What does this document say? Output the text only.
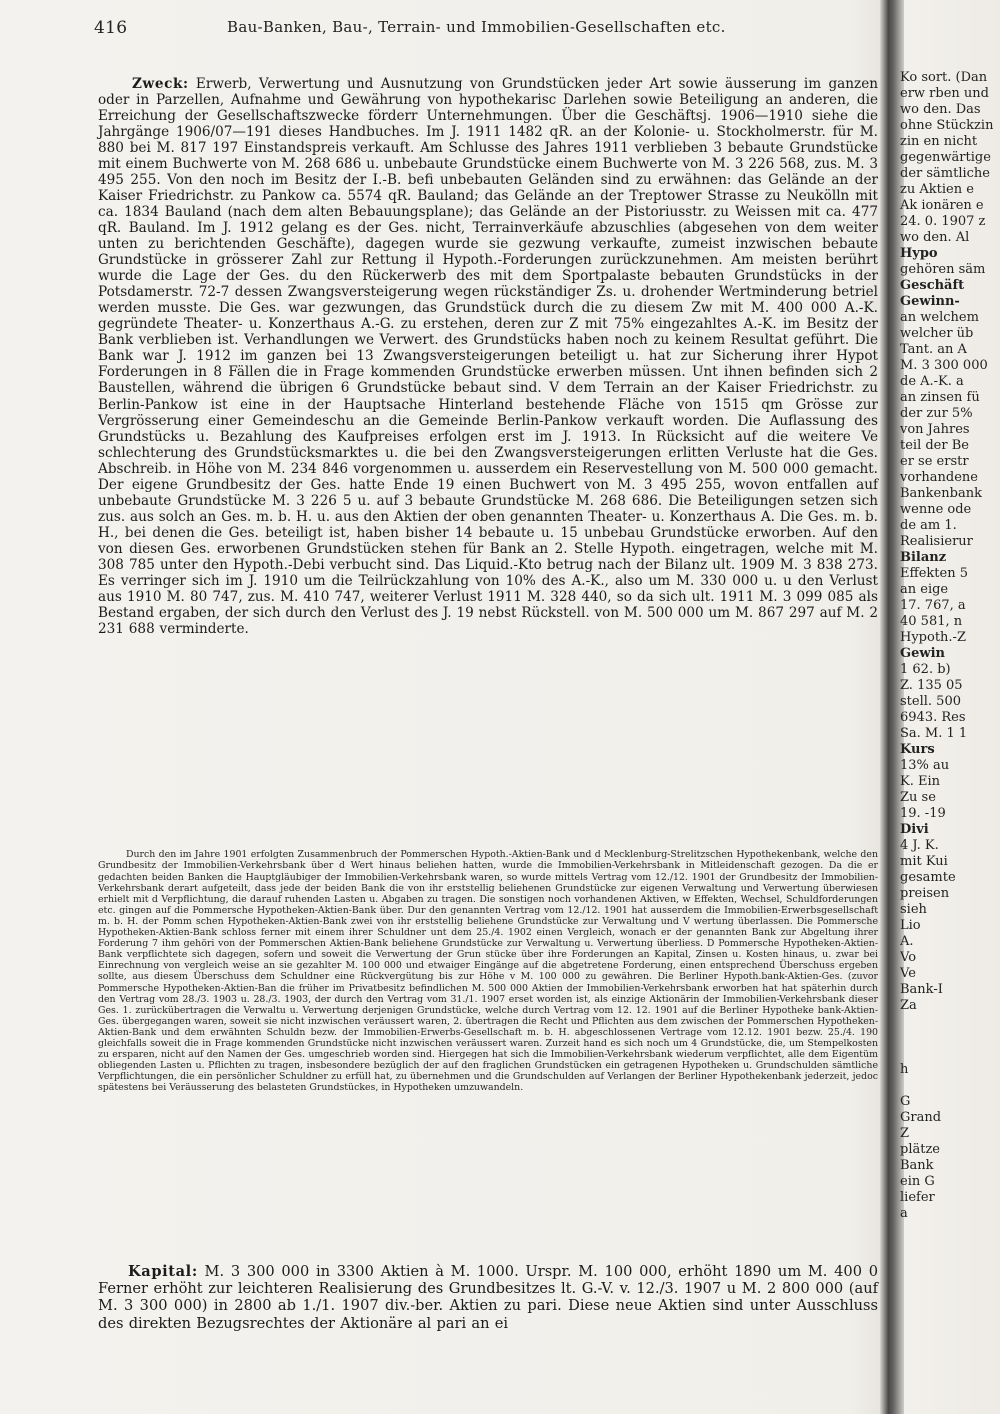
416	Bau-Banken, Bau-, Terrain- und Immobilien-Gesellschaften etc.

Zweck: Erwerb, Verwertung und Ausnutzung von Grundstücken jeder Art sowie äusserung im ganzen oder in Parzellen, Aufnahme und Gewährung von hypothekarisc Darlehen sowie Beteiligung an anderen, die Erreichung der Gesellschaftszwecke förderr Unternehmungen. Über die Geschäftsj. 1906—1910 siehe die Jahrgänge 1906/07—191 dieses Handbuches. Im J. 1911 1482 qR. an der Kolonie- u. Stockholmerstr. für M. 880 bei M. 817 197 Einstandspreis verkauft. Am Schlusse des Jahres 1911 verblieben 3 bebaute Grundstücke mit einem Buchwerte von M. 268 686 u. unbebaute Grundstücke einem Buchwerte von M. 3 226 568, zus. M. 3 495 255. Von den noch im Besitz der I.-B. befi unbebauten Geländen sind zu erwähnen: das Gelände an der Kaiser Friedrichstr. zu Pankow ca. 5574 qR. Bauland; das Gelände an der Treptower Strasse zu Neukölln mit ca. 1834 Bauland (nach dem alten Bebauungsplane); das Gelände an der Pistoriusstr. zu Weissen mit ca. 477 qR. Bauland. Im J. 1912 gelang es der Ges. nicht, Terrainverkäufe abzuschlies (abgesehen von dem weiter unten zu berichtenden Geschäfte), dagegen wurde sie gezwung verkaufte, zumeist inzwischen bebaute Grundstücke in grösserer Zahl zur Rettung il Hypoth.-Forderungen zurückzunehmen. Am meisten berührt wurde die Lage der Ges. du den Rückerwerb des mit dem Sportpalaste bebauten Grundstücks in der Potsdamerstr. 72-7 dessen Zwangsversteigerung wegen rückständiger Zs. u. drohender Wertminderung betriel werden musste. Die Ges. war gezwungen, das Grundstück durch die zu diesem Zw mit M. 400 000 A.-K. gegründete Theater- u. Konzerthaus A.-G. zu erstehen, deren zur Z mit 75% eingezahltes A.-K. im Besitz der Bank verblieben ist. Verhandlungen we Verwert. des Grundstücks haben noch zu keinem Resultat geführt. Die Bank war J. 1912 im ganzen bei 13 Zwangsversteigerungen beteiligt u. hat zur Sicherung ihrer Hypot Forderungen in 8 Fällen die in Frage kommenden Grundstücke erwerben müssen. Unt ihnen befinden sich 2 Baustellen, während die übrigen 6 Grundstücke bebaut sind. V dem Terrain an der Kaiser Friedrichstr. zu Berlin-Pankow ist eine in der Hauptsache Hinterland bestehende Fläche von 1515 qm Grösse zur Vergrösserung einer Gemeindeschu an die Gemeinde Berlin-Pankow verkauft worden. Die Auflassung des Grundstücks u. Bezahlung des Kaufpreises erfolgen erst im J. 1913. In Rücksicht auf die weitere Ve schlechterung des Grundstücksmarktes u. die bei den Zwangsversteigerungen erlitten Verluste hat die Ges. Abschreib. in Höhe von M. 234 846 vorgenommen u. ausserdem ein Reservestellung von M. 500 000 gemacht. Der eigene Grundbesitz der Ges. hatte Ende 19 einen Buchwert von M. 3 495 255, wovon entfallen auf unbebaute Grundstücke M. 3 226 5 u. auf 3 bebaute Grundstücke M. 268 686. Die Beteiligungen setzen sich zus. aus solch an Ges. m. b. H. u. aus den Aktien der oben genannten Theater- u. Konzerthaus A. Die Ges. m. b. H., bei denen die Ges. beteiligt ist, haben bisher 14 bebaute u. 15 unbebau Grundstücke erworben. Auf den von diesen Ges. erworbenen Grundstücken stehen für Bank an 2. Stelle Hypoth. eingetragen, welche mit M. 308 785 unter den Hypoth.-Debi verbucht sind. Das Liquid.-Kto betrug nach der Bilanz ult. 1909 M. 3 838 273. Es verringer sich im J. 1910 um die Teilrückzahlung von 10% des A.-K., also um M. 330 000 u. u den Verlust aus 1910 M. 80 747, zus. M. 410 747, weiterer Verlust 1911 M. 328 440, so da sich ult. 1911 M. 3 099 085 als Bestand ergaben, der sich durch den Verlust des J. 19 nebst Rückstell. von M. 500 000 um M. 867 297 auf M. 2 231 688 verminderte.

Durch den im Jahre 1901 erfolgten Zusammenbruch der Pommerschen Hypoth.-Aktien-Bank und d Mecklenburg-Strelitzschen Hypothekenbank, welche den Grundbesitz der Immobilien-Verkehrsbank über d Wert hinaus beliehen hatten, wurde die Immobilien-Verkehrsbank in Mitleidenschaft gezogen. Da die er gedachten beiden Banken die Hauptgläubiger der Immobilien-Verkehrsbank waren, so wurde mittels Vertrag vom 12./12. 1901 der Grundbesitz der Immobilien-Verkehrsbank derart aufgeteilt, dass jede der beiden Bank die von ihr erststellig beliehenen Grundstücke zur eigenen Verwaltung und Verwertung überwiesen erhielt mit d Verpflichtung, die darauf ruhenden Lasten u. Abgaben zu tragen. Die sonstigen noch vorhandenen Aktiven, w Effekten, Wechsel, Schuldforderungen etc. gingen auf die Pommersche Hypotheken-Aktien-Bank über. Dur den genannten Vertrag vom 12./12. 1901 hat ausserdem die Immobilien-Erwerbsgesellschaft m. b. H. der Pomm schen Hypotheken-Aktien-Bank zwei von ihr erststellig beliehene Grundstücke zur Verwaltung und V wertung überlassen. Die Pommersche Hypotheken-Aktien-Bank schloss ferner mit einem ihrer Schuldner unt dem 25./4. 1902 einen Vergleich, wonach er der genannten Bank zur Abgeltung ihrer Forderung 7 ihm gehöri von der Pommerschen Aktien-Bank beliehene Grundstücke zur Verwaltung u. Verwertung überliess. D Pommersche Hypotheken-Aktien-Bank verpflichtete sich dagegen, sofern und soweit die Verwertung der Grun stücke über ihre Forderungen an Kapital, Zinsen u. Kosten hinaus, u. zwar bei Einrechnung von vergleich weise an sie gezahlter M. 100 000 und etwaiger Eingänge auf die abgetretene Forderung, einen entsprechend Überschuss ergeben sollte, aus diesem Überschuss dem Schuldner eine Rückvergütung bis zur Höhe v M. 100 000 zu gewähren. Die Berliner Hypoth.bank-Aktien-Ges. (zuvor Pommersche Hypotheken-Aktien-Ban die früher im Privatbesitz befindlichen M. 500 000 Aktien der Immobilien-Verkehrsbank erworben hat hat späterhin durch den Vertrag vom 28./3. 1903 u. 28./3. 1903, der durch den Vertrag vom 31./1. 1907 erset worden ist, als einzige Aktionärin der Immobilien-Verkehrsbank dieser Ges. 1. zurückübertragen die Verwaltu u. Verwertung derjenigen Grundstücke, welche durch Vertrag vom 12. 12. 1901 auf die Berliner Hypotheke bank-Aktien-Ges. übergegangen waren, soweit sie nicht inzwischen veräussert waren, 2. übertragen die Recht und Pflichten aus dem zwischen der Pommerschen Hypotheken-Aktien-Bank und dem erwähnten Schuldn bezw. der Immobilien-Erwerbs-Gesellschaft m. b. H. abgeschlossenen Vertrage vom 12.12. 1901 bezw. 25./4. 190 gleichfalls soweit die in Frage kommenden Grundstücke nicht inzwischen veräussert waren. Zurzeit hand es sich noch um 4 Grundstücke, die, um Stempelkosten zu ersparen, nicht auf den Namen der Ges. umgeschrieb worden sind. Hiergegen hat sich die Immobilien-Verkehrsbank wiederum verpflichtet, alle dem Eigentüm obliegenden Lasten u. Pflichten zu tragen, insbesondere bezüglich der auf den fraglichen Grundstücken ein getragenen Hypotheken u. Grundschulden sämtliche Verpflichtungen, die ein persönlicher Schuldner zu erfüll hat, zu übernehmen und die Grundschulden auf Verlangen der Berliner Hypothekenbank jederzeit, jedoc spätestens bei Veräusserung des belasteten Grundstückes, in Hypotheken umzuwandeln.

Kapital: M. 3 300 000 in 3300 Aktien à M. 1000. Urspr. M. 100 000, erhöht 1890 um M. 400 0 Ferner erhöht zur leichteren Realisierung des Grundbesitzes lt. G.-V. v. 12./3. 1907 u M. 2 800 000 (auf M. 3 300 000) in 2800 ab 1./1. 1907 div.-ber. Aktien zu pari. Diese neue Aktien sind unter Ausschluss des direkten Bezugsrechtes der Aktionäre al pari an ei

Ko sort. (Dan
erw rben und
wo den. Das
ohne Stückzin
zin en nicht
gegenwärtige
der sämtliche
zu Aktien e
Ak ionären e
24. 0. 1907 z
wo den. Al
Hypo
gehören säm
Geschäft
Gewinn-
an welchem
welcher üb
Tant. an A
M. 3 300 000
de A.-K. a
an zinsen fü
der zur 5%
von Jahres
teil der Be
er se erstr
vorhandene
Bankenbank
wenne ode
de am 1.
Realisierur
Bilanz
Effekten 5
an eige
17. 767, a
40 581, n
Hypoth.-Z
Gewin
1 62. b)
Z. 135 05
stell. 500
6943. Res
Sa. M. 1 1
Kurs
13% au
K. Ein
Zu se
19. -19
Divi
4 J. K.
mit Kui
gesamte
preisen
sieh
Lio
A.
Vo
Ve
Bank-I
Za
h
G
Grand
Z
plätze
Bank
ein G
liefer
a
